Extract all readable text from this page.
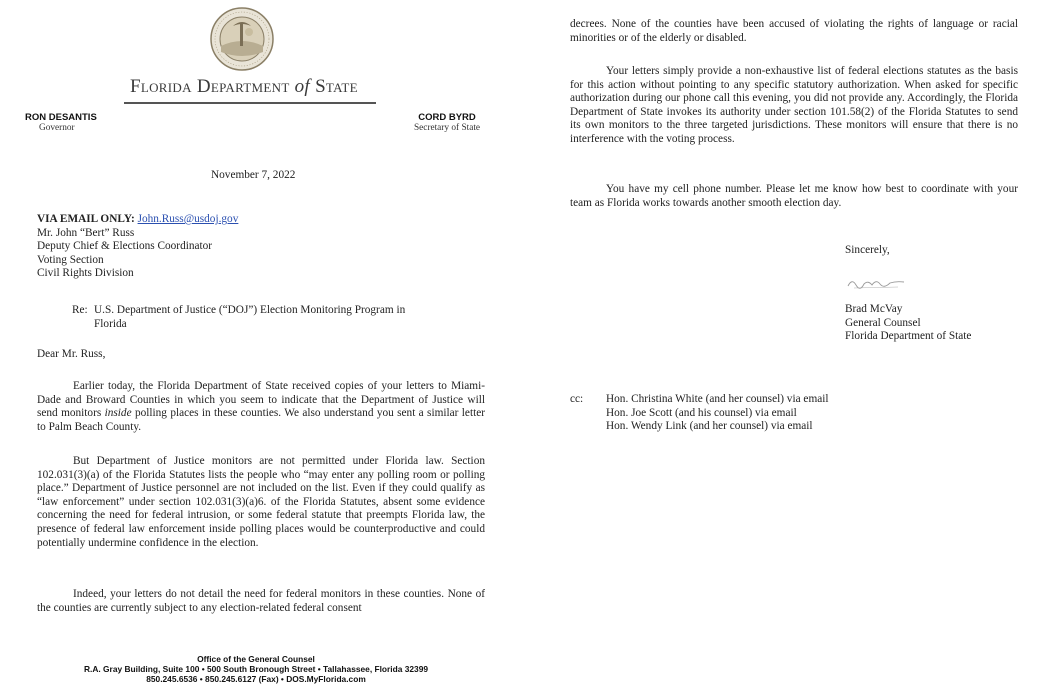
Florida Department of State
RON DESANTIS
Governor
CORD BYRD
Secretary of State
November 7, 2022
VIA EMAIL ONLY: John.Russ@usdoj.gov
Mr. John “Bert” Russ
Deputy Chief & Elections Coordinator
Voting Section
Civil Rights Division
Re: U.S. Department of Justice (“DOJ”) Election Monitoring Program in
Florida
Dear Mr. Russ,
Earlier today, the Florida Department of State received copies of your letters to Miami-Dade and Broward Counties in which you seem to indicate that the Department of Justice will send monitors inside polling places in these counties. We also understand you sent a similar letter to Palm Beach County.
But Department of Justice monitors are not permitted under Florida law. Section 102.031(3)(a) of the Florida Statutes lists the people who “may enter any polling room or polling place.” Department of Justice personnel are not included on the list. Even if they could qualify as “law enforcement” under section 102.031(3)(a)6. of the Florida Statutes, absent some evidence concerning the need for federal intrusion, or some federal statute that preempts Florida law, the presence of federal law enforcement inside polling places would be counterproductive and could potentially undermine confidence in the election.
Indeed, your letters do not detail the need for federal monitors in these counties. None of the counties are currently subject to any election-related federal consent
Office of the General Counsel
R.A. Gray Building, Suite 100 • 500 South Bronough Street • Tallahassee, Florida 32399
850.245.6536 • 850.245.6127 (Fax) • DOS.MyFlorida.com
decrees. None of the counties have been accused of violating the rights of language or racial minorities or of the elderly or disabled.
Your letters simply provide a non-exhaustive list of federal elections statutes as the basis for this action without pointing to any specific statutory authorization. When asked for specific authorization during our phone call this evening, you did not provide any. Accordingly, the Florida Department of State invokes its authority under section 101.58(2) of the Florida Statutes to send its own monitors to the three targeted jurisdictions. These monitors will ensure that there is no interference with the voting process.
You have my cell phone number. Please let me know how best to coordinate with your team as Florida works towards another smooth election day.
Sincerely,
Brad McVay
General Counsel
Florida Department of State
cc: Hon. Christina White (and her counsel) via email
Hon. Joe Scott (and his counsel) via email
Hon. Wendy Link (and her counsel) via email
